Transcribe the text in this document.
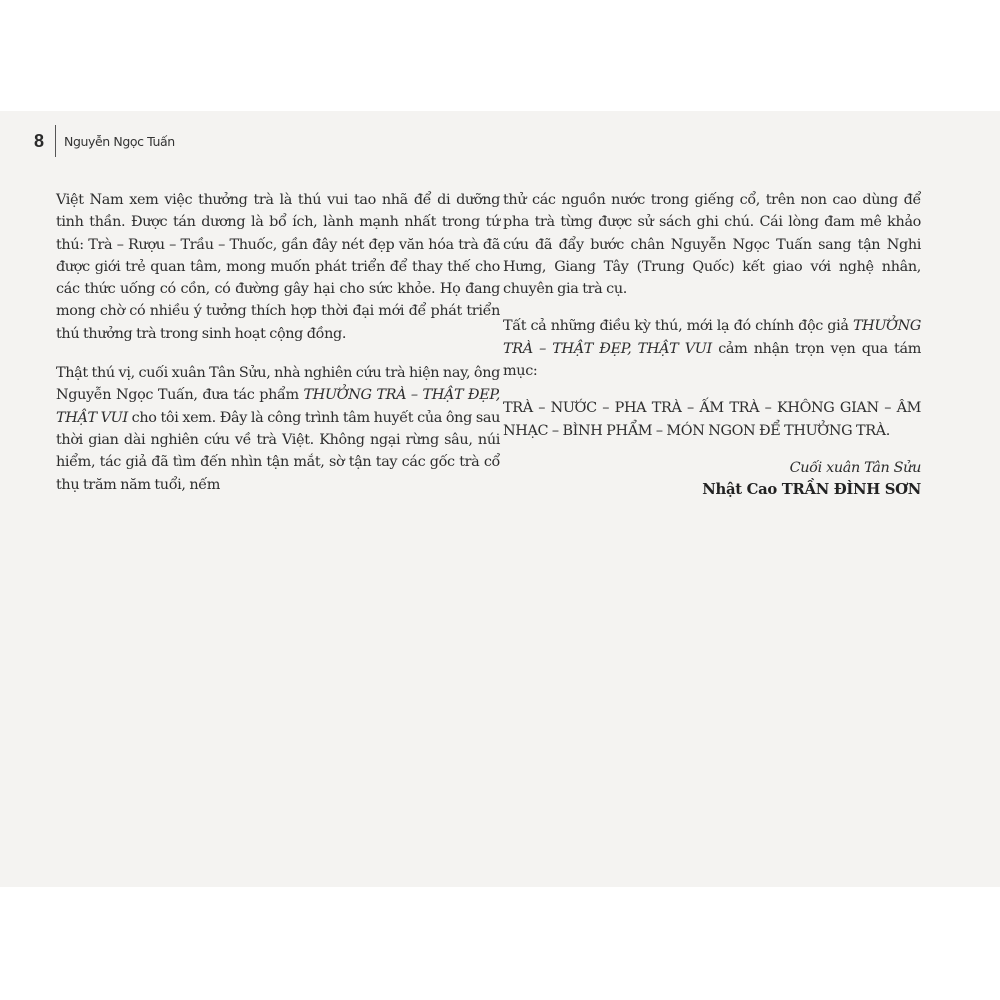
8 Nguyễn Ngọc Tuấn

Việt Nam xem việc thưởng trà là thú vui tao nhã để di dưỡng tinh thần. Được tán dương là bổ ích, lành mạnh nhất trong tứ thú: Trà – Rượu – Trầu – Thuốc, gần đây nét đẹp văn hóa trà đã được giới trẻ quan tâm, mong muốn phát triển để thay thế cho các thức uống có cồn, có đường gây hại cho sức khỏe. Họ đang mong chờ có nhiều ý tưởng thích hợp thời đại mới để phát triển thú thưởng trà trong sinh hoạt cộng đồng.

Thật thú vị, cuối xuân Tân Sửu, nhà nghiên cứu trà hiện nay, ông Nguyễn Ngọc Tuấn, đưa tác phẩm THƯỞNG TRÀ – THẬT ĐẸP, THẬT VUI cho tôi xem. Đây là công trình tâm huyết của ông sau thời gian dài nghiên cứu về trà Việt. Không ngại rừng sâu, núi hiểm, tác giả đã tìm đến nhìn tận mắt, sờ tận tay các gốc trà cổ thụ trăm năm tuổi, nếm

thử các nguồn nước trong giếng cổ, trên non cao dùng để pha trà từng được sử sách ghi chú. Cái lòng đam mê khảo cứu đã đẩy bước chân Nguyễn Ngọc Tuấn sang tận Nghi Hưng, Giang Tây (Trung Quốc) kết giao với nghệ nhân, chuyên gia trà cụ.

Tất cả những điều kỳ thú, mới lạ đó chính độc giả THƯỞNG TRÀ – THẬT ĐẸP, THẬT VUI cảm nhận trọn vẹn qua tám mục:

TRÀ – NƯỚC – PHA TRÀ – ẤM TRÀ – KHÔNG GIAN – ÂM NHẠC – BÌNH PHẨM – MÓN NGON ĐỂ THƯỞNG TRÀ.

Cuối xuân Tân Sửu
Nhật Cao TRẦN ĐÌNH SƠN
